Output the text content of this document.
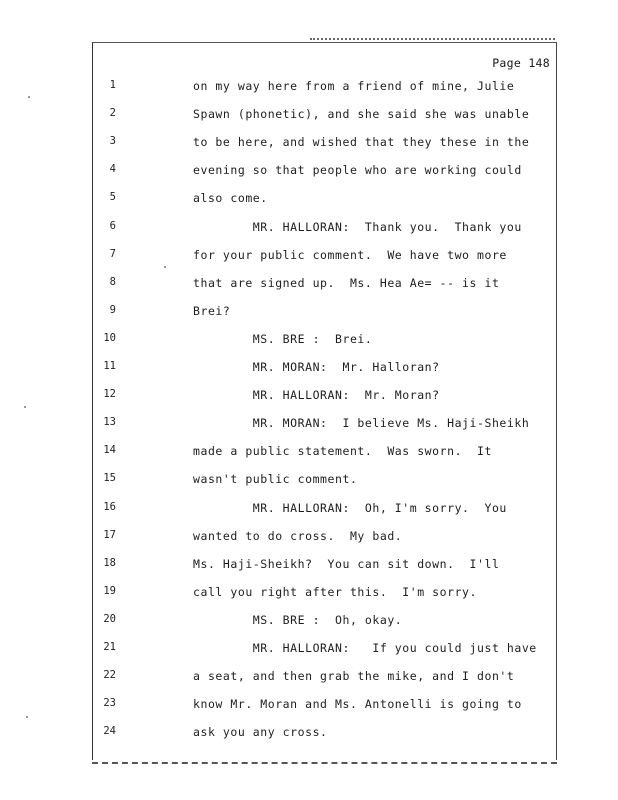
Page 148
1	on my way here from a friend of mine, Julie
2	Spawn (phonetic), and she said she was unable
3	to be here, and wished that they these in the
4	evening so that people who are working could
5	also come.
6	MR. HALLORAN:  Thank you.  Thank you
7	for your public comment.  We have two more
8	that are signed up.  Ms. Hea Ae= -- is it
9	Brei?
10	MS. BRE :  Brei.
11	MR. MORAN:  Mr. Halloran?
12	MR. HALLORAN:  Mr. Moran?
13	MR. MORAN:  I believe Ms. Haji-Sheikh
14	made a public statement.  Was sworn.  It
15	wasn't public comment.
16	MR. HALLORAN:  Oh, I'm sorry.  You
17	wanted to do cross.  My bad.
18	Ms. Haji-Sheikh?  You can sit down.  I'll
19	call you right after this.  I'm sorry.
20	MS. BRE :  Oh, okay.
21	MR. HALLORAN:   If you could just have
22	a seat, and then grab the mike, and I don't
23	know Mr. Moran and Ms. Antonelli is going to
24	ask you any cross.
